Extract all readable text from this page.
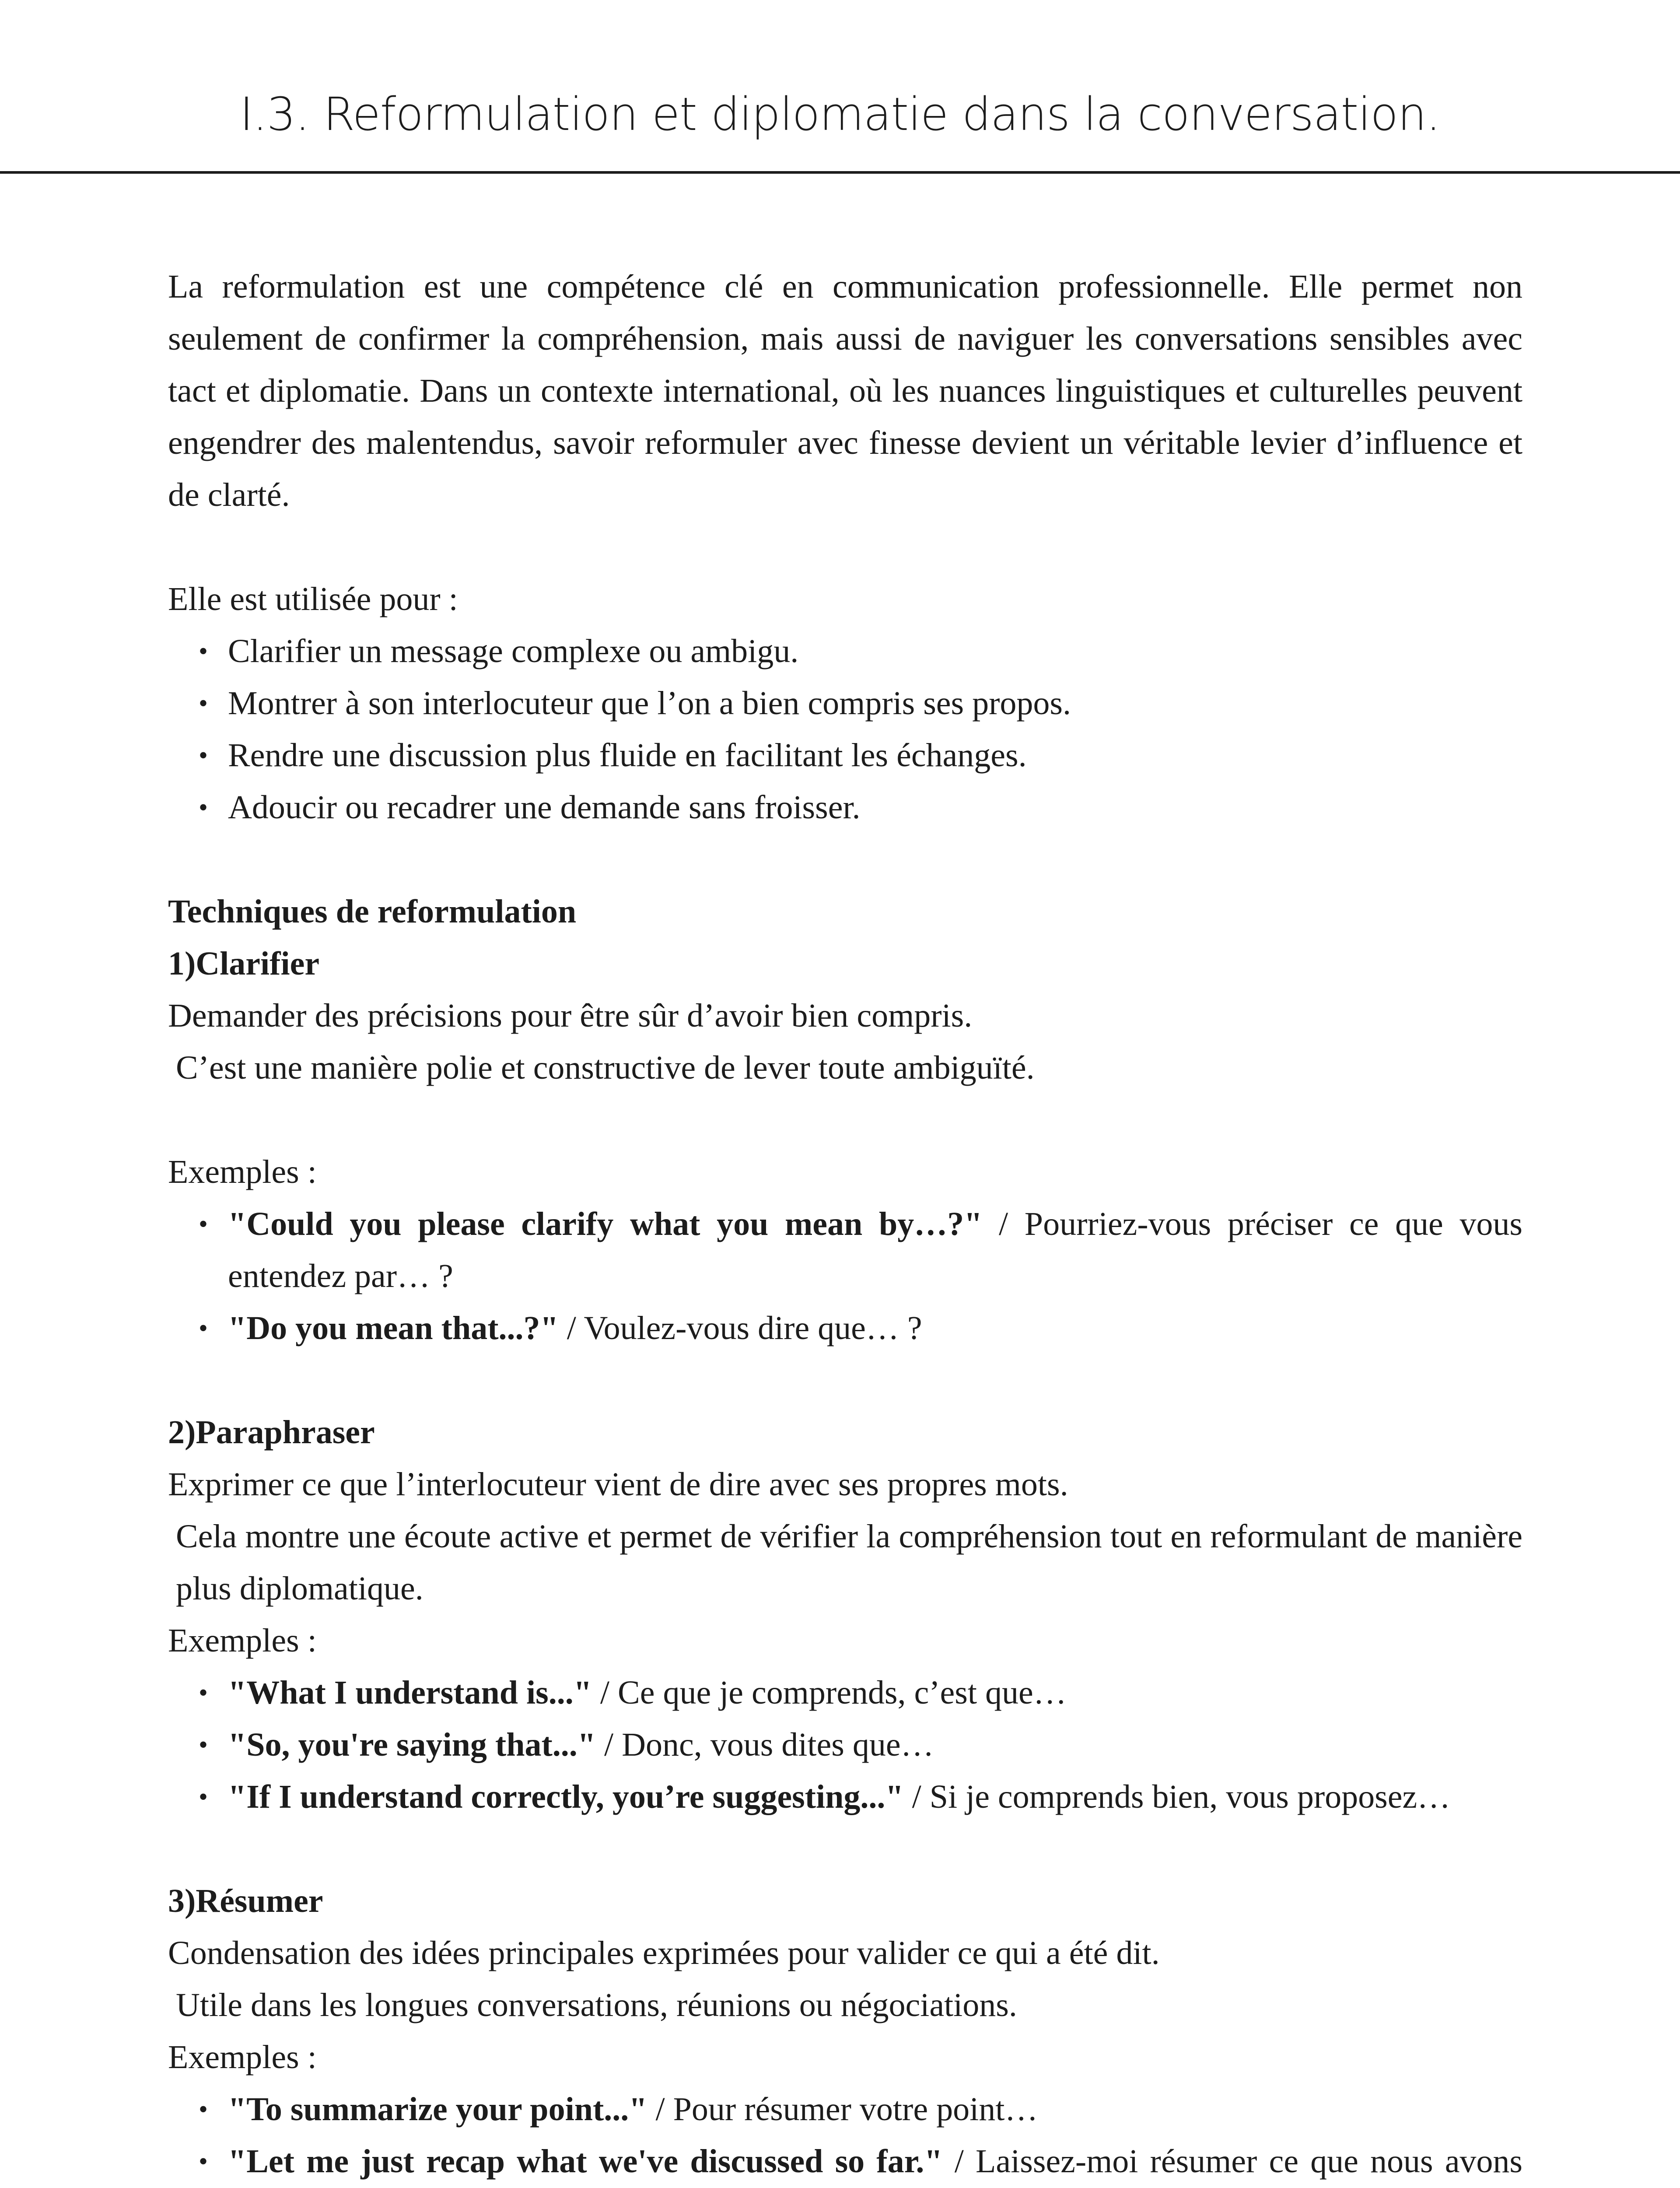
I.3. Reformulation et diplomatie dans la conversation.

La reformulation est une compétence clé en communication professionnelle. Elle permet non seulement de confirmer la compréhension, mais aussi de naviguer les conversations sensibles avec tact et diplomatie. Dans un contexte international, où les nuances linguistiques et culturelles peuvent engendrer des malentendus, savoir reformuler avec finesse devient un véritable levier d’influence et de clarté.

Elle est utilisée pour :

• Clarifier un message complexe ou ambigu.
• Montrer à son interlocuteur que l’on a bien compris ses propos.
• Rendre une discussion plus fluide en facilitant les échanges.
• Adoucir ou recadrer une demande sans froisser.

Techniques de reformulation

1)Clarifier

Demander des précisions pour être sûr d’avoir bien compris.

C’est une manière polie et constructive de lever toute ambiguïté.

Exemples :

• "Could you please clarify what you mean by…?" / Pourriez-vous préciser ce que vous entendez par… ?
• "Do you mean that...?" / Voulez-vous dire que… ?

2)Paraphraser

Exprimer ce que l’interlocuteur vient de dire avec ses propres mots.

Cela montre une écoute active et permet de vérifier la compréhension tout en reformulant de manière plus diplomatique.

Exemples :

• "What I understand is..." / Ce que je comprends, c’est que…
• "So, you're saying that..." / Donc, vous dites que…
• "If I understand correctly, you’re suggesting..." / Si je comprends bien, vous proposez…

3)Résumer

Condensation des idées principales exprimées pour valider ce qui a été dit.

Utile dans les longues conversations, réunions ou négociations.

Exemples :

• "To summarize your point..." / Pour résumer votre point…
• "Let me just recap what we've discussed so far." / Laissez-moi résumer ce que nous avons
